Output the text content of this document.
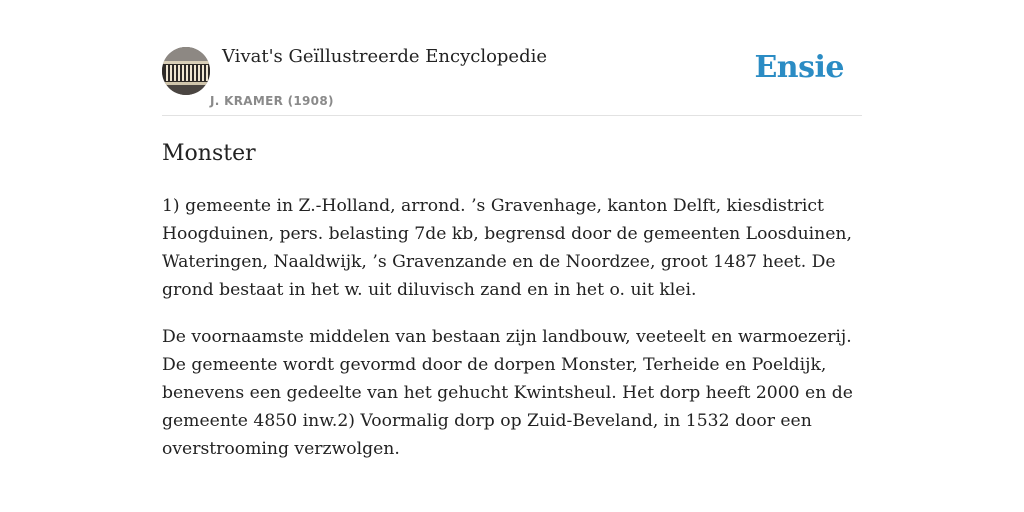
Vivat's Geïllustreerde Encyclopedie
J. KRAMER (1908)
Ensie
Monster

1) gemeente in Z.-Holland, arrond. ’s Gravenhage, kanton Delft, kiesdistrict Hoogduinen, pers. belasting 7de kb, begrensd door de gemeenten Loosduinen, Wateringen, Naaldwijk, ’s Gravenzande en de Noordzee, groot 1487 heet. De grond bestaat in het w. uit diluvisch zand en in het o. uit klei.

De voornaamste middelen van bestaan zijn landbouw, veeteelt en warmoezerij. De gemeente wordt gevormd door de dorpen Monster, Terheide en Poeldijk, benevens een gedeelte van het gehucht Kwintsheul. Het dorp heeft 2000 en de gemeente 4850 inw.2) Voormalig dorp op Zuid-Beveland, in 1532 door een overstrooming verzwolgen.
